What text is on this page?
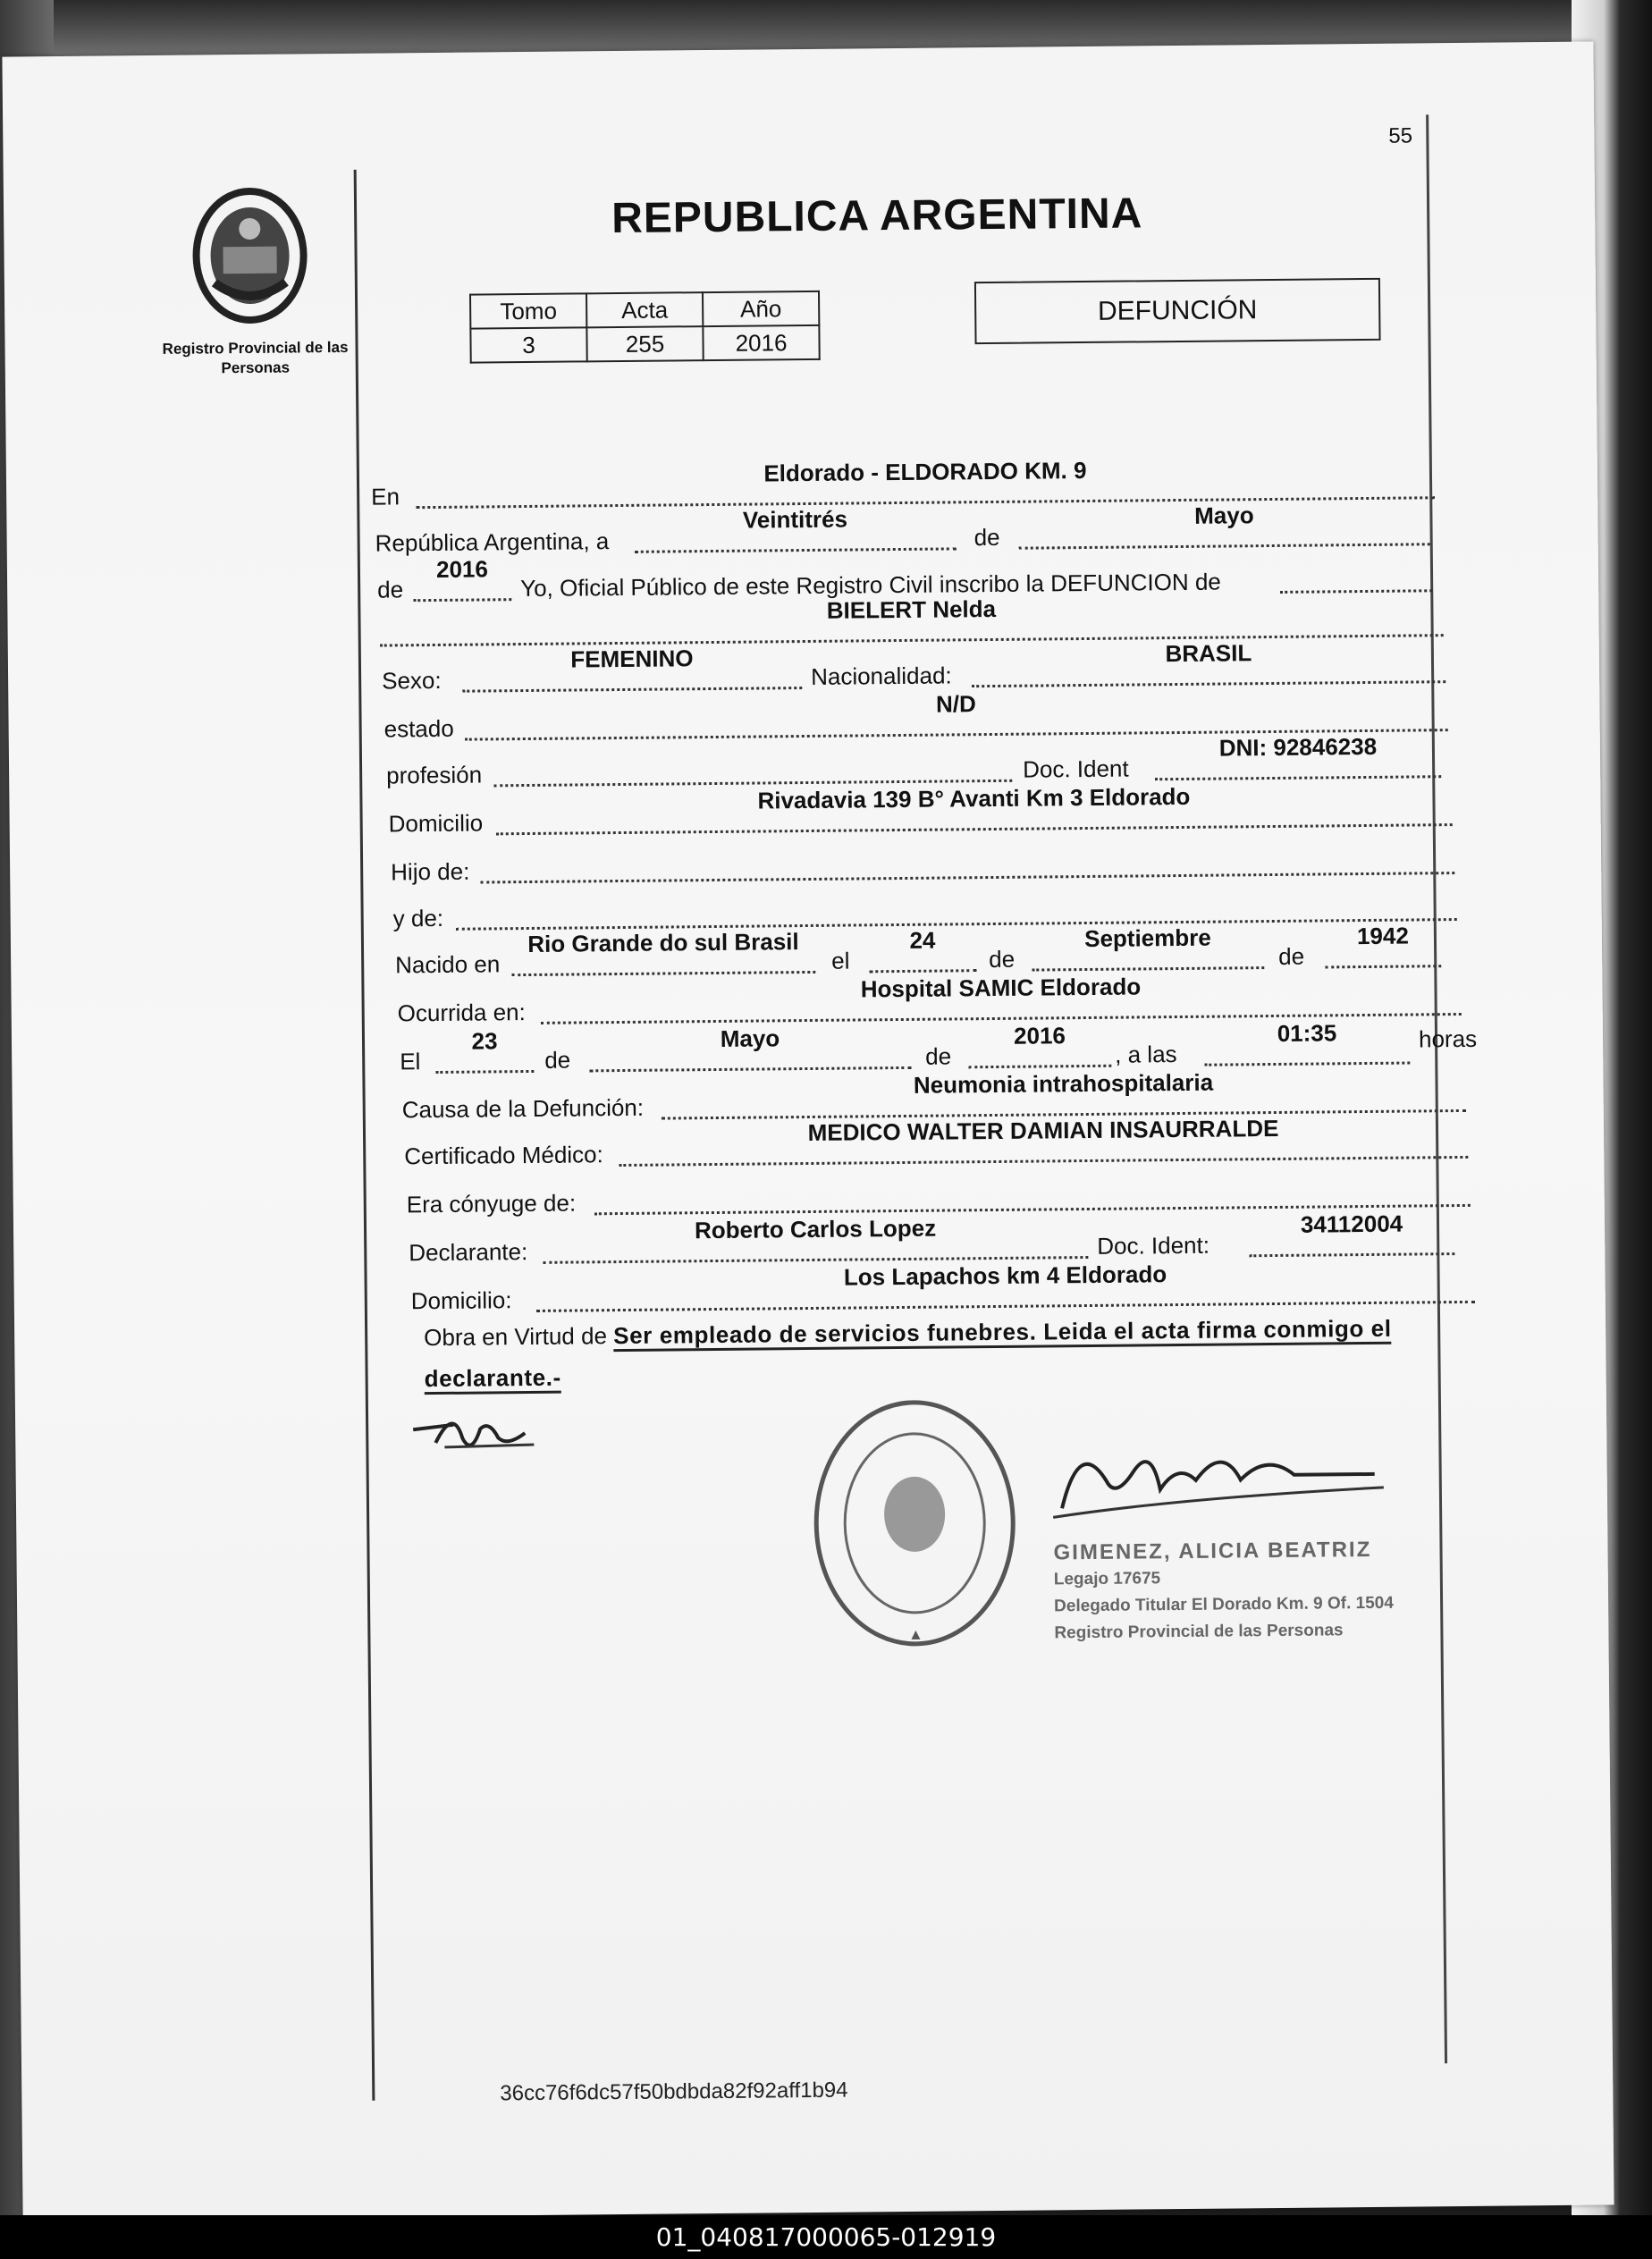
55
Registro Provincial de las Personas
REPUBLICA ARGENTINA
Tomo	Acta	Año
3	255	2016
DEFUNCIÓN
En
Eldorado - ELDORADO KM. 9
República Argentina, a
Veintitrés
de
Mayo
de
2016	Yo, Oficial Público de este Registro Civil inscribo la DEFUNCION de
BIELERT Nelda
Sexo:
FEMENINO
Nacionalidad:
BRASIL
estado
N/D
profesión	Doc. Ident
DNI: 92846238
Domicilio
Rivadavia 139 B° Avanti Km 3 Eldorado
Hijo de:
y de:
Nacido en
Rio Grande do sul Brasil
el
24
de
Septiembre
de
1942
Ocurrida en:
Hospital SAMIC Eldorado
El
23
de
Mayo
de
2016
, a las
01:35	horas
Causa de la Defunción:
Neumonia intrahospitalaria
Certificado Médico:
MEDICO WALTER DAMIAN INSAURRALDE
Era cónyuge de:
Declarante:
Roberto Carlos Lopez
Doc. Ident:
34112004
Domicilio:
Los Lapachos km 4 Eldorado
Obra en Virtud de Ser empleado de servicios funebres. Leida el acta firma conmigo el declarante.-
GIMENEZ, ALICIA BEATRIZ
Legajo 17675
Delegado Titular El Dorado Km. 9 Of. 1504
Registro Provincial de las Personas
36cc76f6dc57f50bdbda82f92aff1b94
01_040817000065-012919
